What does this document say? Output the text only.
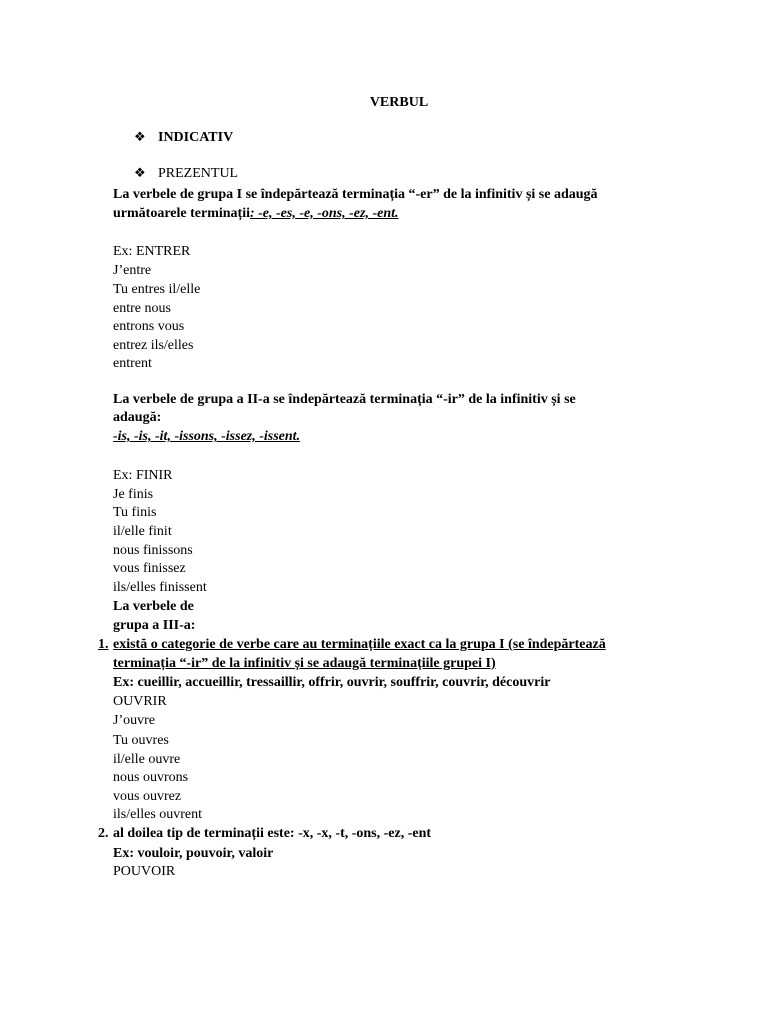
VERBUL
❖ INDICATIV
❖ PREZENTUL
La verbele de grupa I se îndepărtează terminația “-er” de la infinitiv și se adaugă
următoarele terminații: -e, -es, -e, -ons, -ez, -ent.
Ex: ENTRER
J’entre
Tu entres il/elle
entre nous
entrons vous
entrez ils/elles
entrent
La verbele de grupa a II-a se îndepărtează terminația “-ir” de la infinitiv și se
adaugă:
-is, -is, -it, -issons, -issez, -issent.
Ex: FINIR
Je finis
Tu finis
il/elle finit
nous finissons
vous finissez
ils/elles finissent
La verbele de
grupa a III-a:
1. există o categorie de verbe care au terminațiile exact ca la grupa I (se îndepărtează
terminația “-ir” de la infinitiv și se adaugă terminațiile grupei I)
Ex: cueillir, accueillir, tressaillir, offrir, ouvrir, souffrir, couvrir, découvrir
OUVRIR
J’ouvre
Tu ouvres
il/elle ouvre
nous ouvrons
vous ouvrez
ils/elles ouvrent
2. al doilea tip de terminații este: -x, -x, -t, -ons, -ez, -ent
Ex: vouloir, pouvoir, valoir
POUVOIR
